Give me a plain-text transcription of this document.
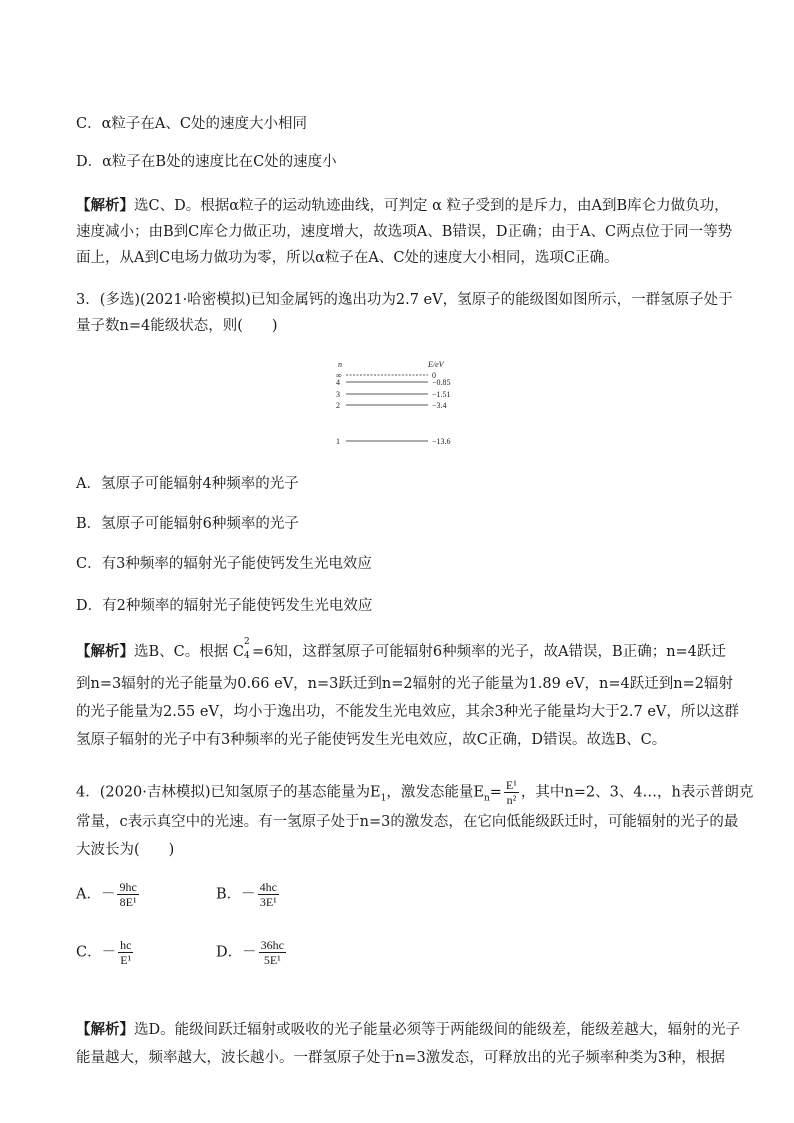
C．α粒子在A、C处的速度大小相同
D．α粒子在B处的速度比在C处的速度小
【解析】选C、D。根据α粒子的运动轨迹曲线，可判定 α 粒子受到的是斥力，由A到B库仑力做负功，
速度减小；由B到C库仑力做正功，速度增大，故选项A、B错误，D正确；由于A、C两点位于同一等势
面上，从A到C电场力做功为零，所以α粒子在A、C处的速度大小相同，选项C正确。
3．(多选)(2021·哈密模拟)已知金属钙的逸出功为2.7 eV，氢原子的能级图如图所示，一群氢原子处于
量子数n=4能级状态，则(　　)
n	E/eV
∞	0
4	−0.85
3	−1.51
2	−3.4
1	−13.6
A．氢原子可能辐射4种频率的光子
B．氢原子可能辐射6种频率的光子
C．有3种频率的辐射光子能使钙发生光电效应
D．有2种频率的辐射光子能使钙发生光电效应
【解析】选B、C。根据 C
2
4 =6知，这群氢原子可能辐射6种频率的光子，故A错误，B正确；n=4跃迁
到n=3辐射的光子能量为0.66 eV，n=3跃迁到n=2辐射的光子能量为1.89 eV，n=4跃迁到n=2辐射
的光子能量为2.55 eV，均小于逸出功，不能发生光电效应，其余3种光子能量均大于2.7 eV，所以这群
氢原子辐射的光子中有3种频率的光子能使钙发生光电效应，故C正确，D错误。故选B、C。
4．(2020·吉林模拟)已知氢原子的基态能量为$E_1$，激发态能量$E_n= \frac{\text{E¹}}{\text{n²}}$ ，其中n=2、3、4…，h表示普朗克
常量，c表示真空中的光速。有一氢原子处于n=3的激发态，在它向低能级跃迁时，可能辐射的光子的最
大波长为(　　)
A．－ $\frac{9hc}{\text{8E¹}}$	B．－ $\frac{4hc}{\text{3E¹}}$
C．－ $\frac{hc}{\text{E¹}}$	D．－ $\frac{36hc}{\text{5E¹}}$
【解析】选D。能级间跃迁辐射或吸收的光子能量必须等于两能级间的能级差，能级差越大，辐射的光子
能量越大，频率越大，波长越小。一群氢原子处于n=3激发态，可释放出的光子频率种类为3种，根据
